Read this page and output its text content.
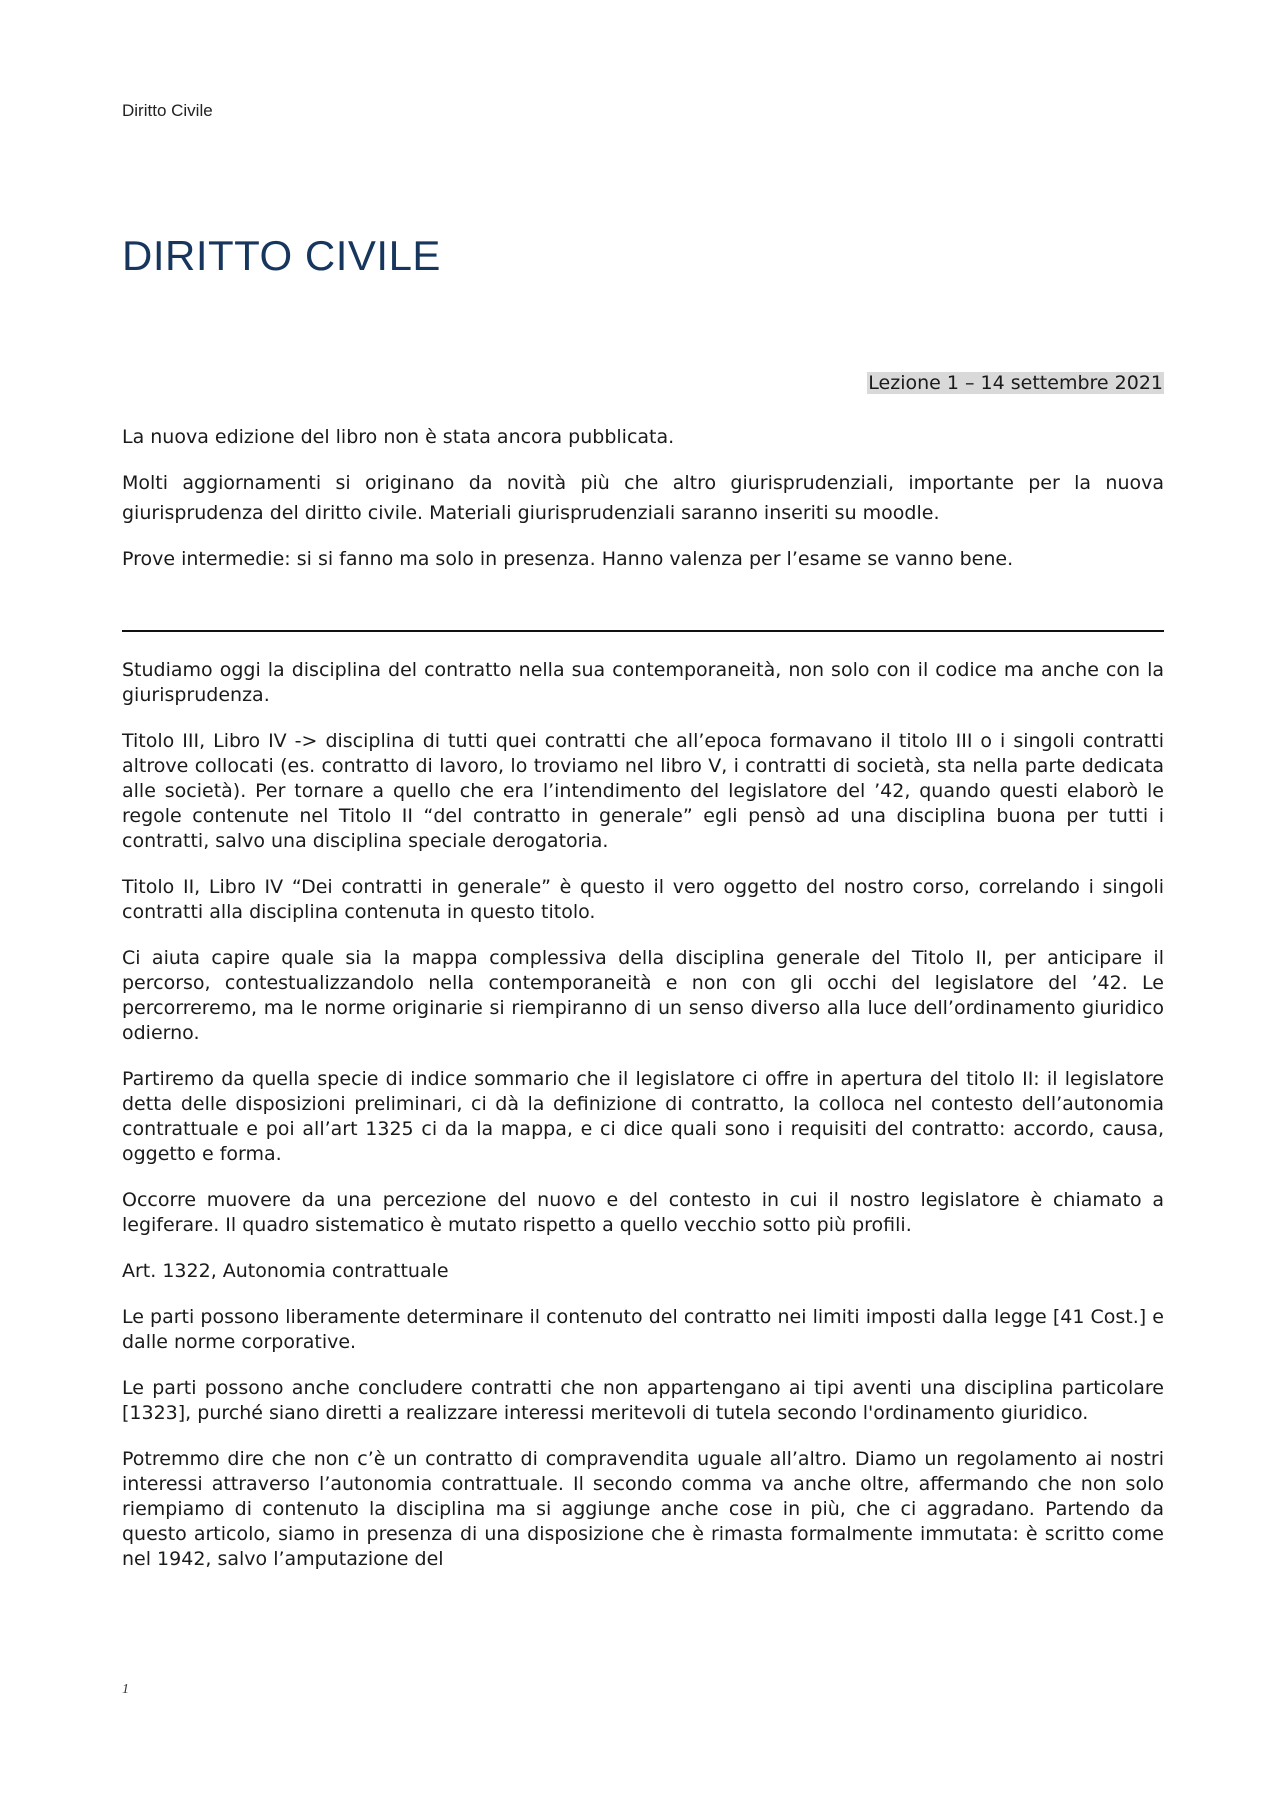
Diritto Civile
DIRITTO CIVILE
Lezione 1 – 14 settembre 2021

La nuova edizione del libro non è stata ancora pubblicata.

Molti aggiornamenti si originano da novità più che altro giurisprudenziali, importante per la nuova giurisprudenza del diritto civile. Materiali giurisprudenziali saranno inseriti su moodle.

Prove intermedie: si si fanno ma solo in presenza. Hanno valenza per l’esame se vanno bene.

Studiamo oggi la disciplina del contratto nella sua contemporaneità, non solo con il codice ma anche con la giurisprudenza.

Titolo III, Libro IV -> disciplina di tutti quei contratti che all’epoca formavano il titolo III o i singoli contratti altrove collocati (es. contratto di lavoro, lo troviamo nel libro V, i contratti di società, sta nella parte dedicata alle società). Per tornare a quello che era l’intendimento del legislatore del ’42, quando questi elaborò le regole contenute nel Titolo II “del contratto in generale” egli pensò ad una disciplina buona per tutti i contratti, salvo una disciplina speciale derogatoria.

Titolo II, Libro IV “Dei contratti in generale” è questo il vero oggetto del nostro corso, correlando i singoli contratti alla disciplina contenuta in questo titolo.

Ci aiuta capire quale sia la mappa complessiva della disciplina generale del Titolo II, per anticipare il percorso, contestualizzandolo nella contemporaneità e non con gli occhi del legislatore del ’42. Le percorreremo, ma le norme originarie si riempiranno di un senso diverso alla luce dell’ordinamento giuridico odierno.

Partiremo da quella specie di indice sommario che il legislatore ci offre in apertura del titolo II: il legislatore detta delle disposizioni preliminari, ci dà la definizione di contratto, la colloca nel contesto dell’autonomia contrattuale e poi all’art 1325 ci da la mappa, e ci dice quali sono i requisiti del contratto: accordo, causa, oggetto e forma.

Occorre muovere da una percezione del nuovo e del contesto in cui il nostro legislatore è chiamato a legiferare. Il quadro sistematico è mutato rispetto a quello vecchio sotto più profili.

Art. 1322, Autonomia contrattuale

Le parti possono liberamente determinare il contenuto del contratto nei limiti imposti dalla legge [41 Cost.] e dalle norme corporative.

Le parti possono anche concludere contratti che non appartengano ai tipi aventi una disciplina particolare [1323], purché siano diretti a realizzare interessi meritevoli di tutela secondo l'ordinamento giuridico.

Potremmo dire che non c’è un contratto di compravendita uguale all’altro. Diamo un regolamento ai nostri interessi attraverso l’autonomia contrattuale. Il secondo comma va anche oltre, affermando che non solo riempiamo di contenuto la disciplina ma si aggiunge anche cose in più, che ci aggradano. Partendo da questo articolo, siamo in presenza di una disposizione che è rimasta formalmente immutata: è scritto come nel 1942, salvo l’amputazione del

1
